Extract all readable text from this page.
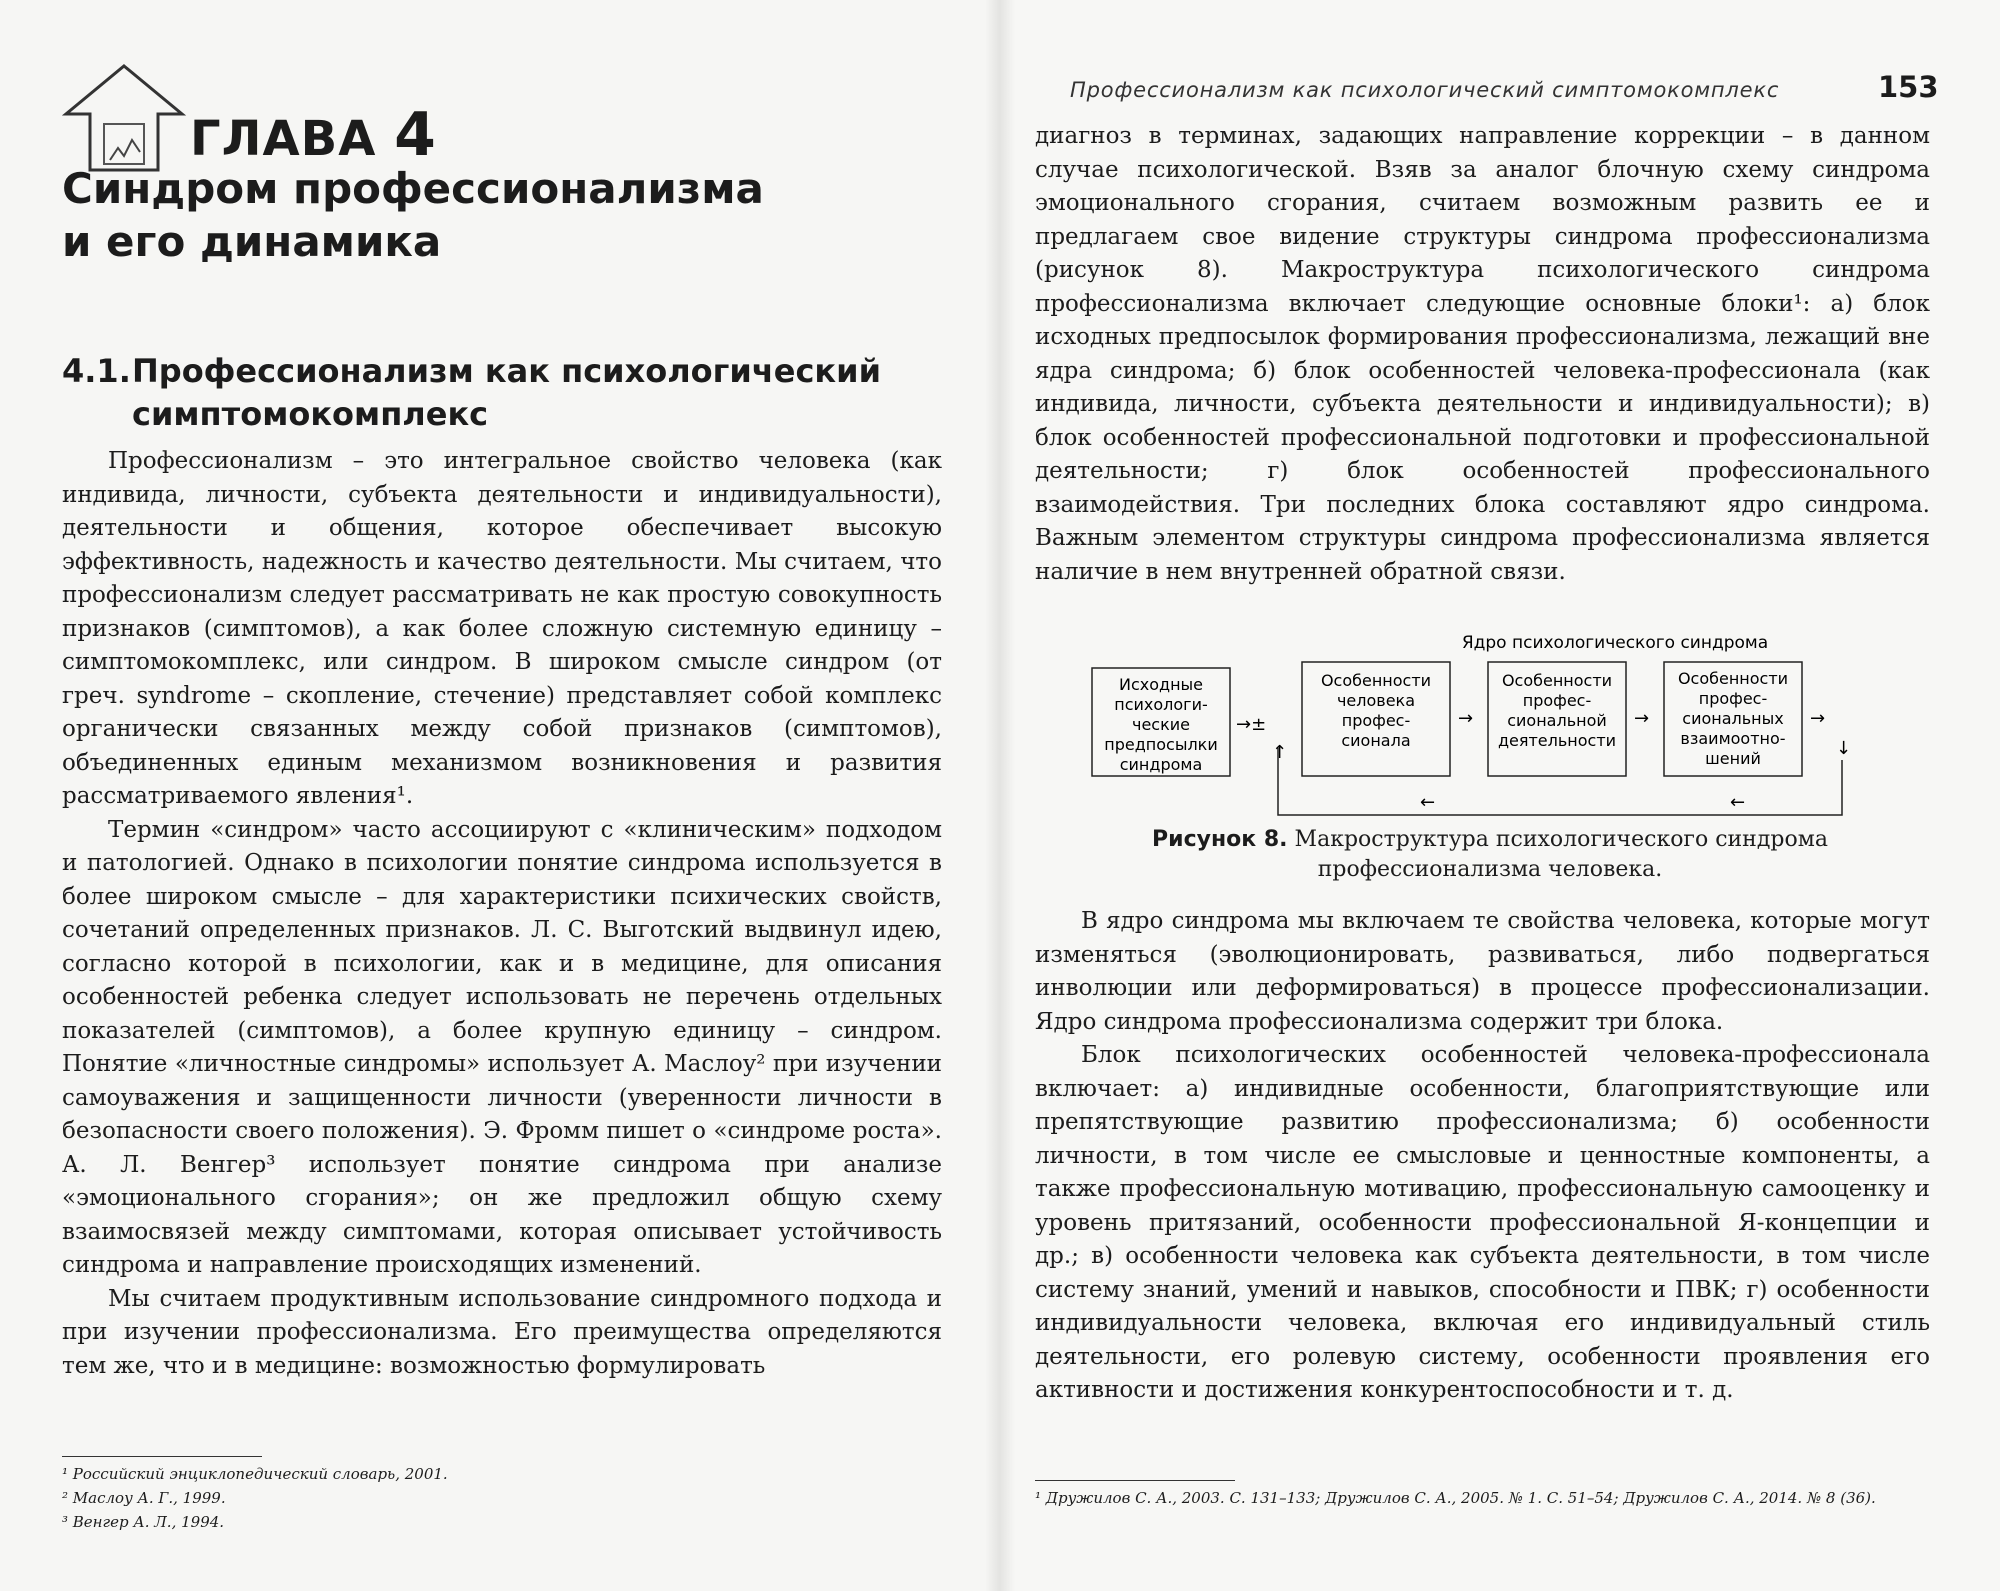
ГЛАВА 4
Синдром профессионализма
и его динамика
4.1.Профессионализм как психологический
симптомокомплекс

Профессионализм – это интегральное свойство человека (как индивида, личности, субъекта деятельности и индивидуальности), деятельности и общения, которое обеспечивает высокую эффективность, надежность и качество деятельности. Мы считаем, что профессионализм следует рассматривать не как простую совокупность признаков (симптомов), а как более сложную системную единицу – симптомокомплекс, или синдром. В широком смысле синдром (от греч. syndrome – скопление, стечение) представляет собой комплекс органически связанных между собой признаков (симптомов), объединенных единым механизмом возникновения и развития рассматриваемого явления¹.

Термин «синдром» часто ассоциируют с «клиническим» подходом и патологией. Однако в психологии понятие синдрома используется в более широком смысле – для характеристики психических свойств, сочетаний определенных признаков. Л. С. Выготский выдвинул идею, согласно которой в психологии, как и в медицине, для описания особенностей ребенка следует использовать не перечень отдельных показателей (симптомов), а более крупную единицу – синдром. Понятие «личностные синдромы» использует А. Маслоу² при изучении самоуважения и защищенности личности (уверенности личности в безопасности своего положения). Э. Фромм пишет о «синдроме роста». А. Л. Венгер³ использует понятие синдрома при анализе «эмоционального сгорания»; он же предложил общую схему взаимосвязей между симптомами, которая описывает устойчивость синдрома и направление происходящих изменений.

Мы считаем продуктивным использование синдромного подхода и при изучении профессионализма. Его преимущества определяются тем же, что и в медицине: возможностью формулировать

¹ Российский энциклопедический словарь, 2001.
² Маслоу А. Г., 1999.
³ Венгер А. Л., 1994.
Профессионализм как психологический симптомокомплекс	153

диагноз в терминах, задающих направление коррекции – в данном случае психологической. Взяв за аналог блочную схему синдрома эмоционального сгорания, считаем возможным развить ее и предлагаем свое видение структуры синдрома профессионализма (рисунок 8). Макроструктура психологического синдрома профессионализма включает следующие основные блоки¹: а) блок исходных предпосылок формирования профессионализма, лежащий вне ядра синдрома; б) блок особенностей человека-профессионала (как индивида, личности, субъекта деятельности и индивидуальности); в) блок особенностей профессиональной подготовки и профессиональной деятельности; г) блок особенностей профессионального взаимодействия. Три последних блока составляют ядро синдрома. Важным элементом структуры синдрома профессионализма является наличие в нем внутренней обратной связи.

Ядро психологического синдрома
Исходные
психологи-
ческие
предпосылки
синдрома
→±
↑
Особенности
человека
профес-
сионала
→
Особенности
профес-
сиональной
деятельности
→
Особенности
профес-
сиональных
взаимоотно-
шений
→
↓
←	←
Рисунок 8. Макроструктура психологического синдрома
профессионализма человека.

В ядро синдрома мы включаем те свойства человека, которые могут изменяться (эволюционировать, развиваться, либо подвергаться инволюции или деформироваться) в процессе профессионализации. Ядро синдрома профессионализма содержит три блока.

Блок психологических особенностей человека-профессионала включает: а) индивидные особенности, благоприятствующие или препятствующие развитию профессионализма; б) особенности личности, в том числе ее смысловые и ценностные компоненты, а также профессиональную мотивацию, профессиональную самооценку и уровень притязаний, особенности профессиональной Я-концепции и др.; в) особенности человека как субъекта деятельности, в том числе систему знаний, умений и навыков, способности и ПВК; г) особенности индивидуальности человека, включая его индивидуальный стиль деятельности, его ролевую систему, особенности проявления его активности и достижения конкурентоспособности и т. д.

¹ Дружилов С. А., 2003. С. 131–133; Дружилов С. А., 2005. № 1. С. 51–54; Дружилов С. А., 2014. № 8 (36).
